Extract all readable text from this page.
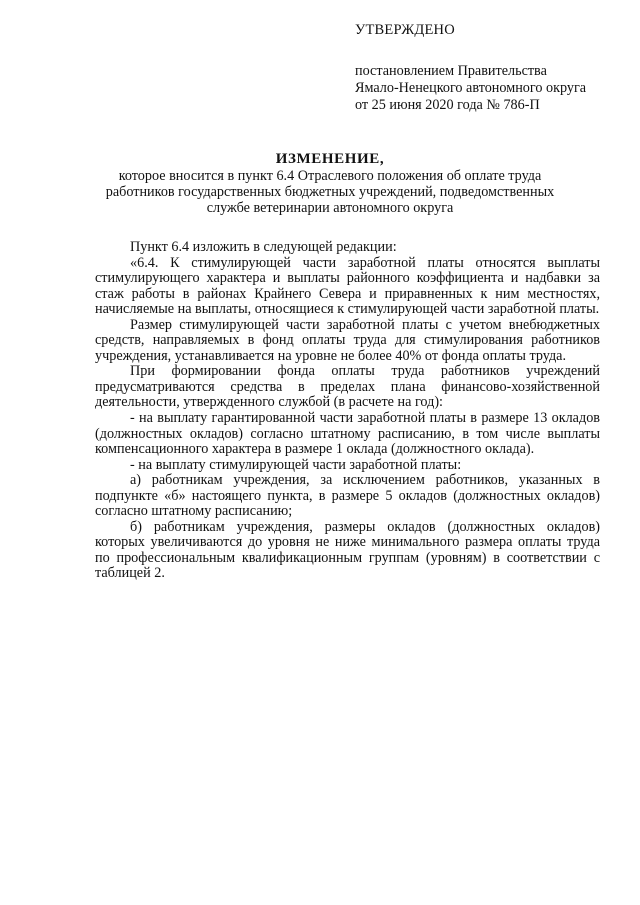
УТВЕРЖДЕНО
постановлением Правительства
Ямало-Ненецкого автономного округа
от 25 июня 2020 года № 786-П
ИЗМЕНЕНИЕ,
которое вносится в пункт 6.4 Отраслевого положения об оплате труда
работников государственных бюджетных учреждений, подведомственных
службе ветеринарии автономного округа

Пункт 6.4 изложить в следующей редакции:

«6.4. К стимулирующей части заработной платы относятся выплаты стимулирующего характера и выплаты районного коэффициента и надбавки за стаж работы в районах Крайнего Севера и приравненных к ним местностях, начисляемые на выплаты, относящиеся к стимулирующей части заработной платы.

Размер стимулирующей части заработной платы с учетом внебюджетных средств, направляемых в фонд оплаты труда для стимулирования работников учреждения, устанавливается на уровне не более 40% от фонда оплаты труда.

При формировании фонда оплаты труда работников учреждений предусматриваются средства в пределах плана финансово-хозяйственной деятельности, утвержденного службой (в расчете на год):

- на выплату гарантированной части заработной платы в размере 13 окладов (должностных окладов) согласно штатному расписанию, в том числе выплаты компенсационного характера в размере 1 оклада (должностного оклада).

- на выплату стимулирующей части заработной платы:

а) работникам учреждения, за исключением работников, указанных в подпункте «б» настоящего пункта, в размере 5 окладов (должностных окладов) согласно штатному расписанию;

б) работникам учреждения, размеры окладов (должностных окладов) которых увеличиваются до уровня не ниже минимального размера оплаты труда по профессиональным квалификационным группам (уровням) в соответствии с таблицей 2.
